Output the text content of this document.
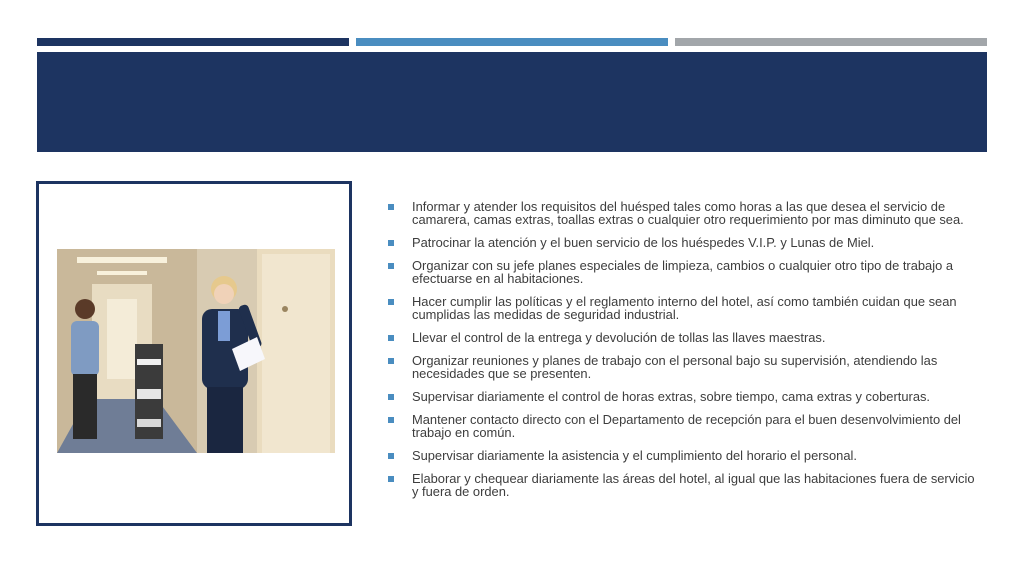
Informar y atender los requisitos del huésped tales como horas a las que desea el servicio de camarera, camas extras, toallas extras o cualquier otro requerimiento por mas diminuto que sea.
Patrocinar la atención y el buen servicio de los huéspedes V.I.P. y Lunas de Miel.
Organizar con su jefe planes especiales de limpieza, cambios o cualquier otro tipo de trabajo a efectuarse en al habitaciones.
Hacer cumplir las políticas y el reglamento interno del hotel, así como también cuidan que sean cumplidas las medidas de seguridad industrial.
Llevar el control de la entrega y devolución de tollas las llaves maestras.
Organizar reuniones y planes de trabajo con el personal bajo su supervisión, atendiendo las necesidades que se presenten.
Supervisar diariamente el control de horas extras, sobre tiempo, cama extras y coberturas.
Mantener contacto directo con el Departamento de recepción para el buen desenvolvimiento del trabajo en común.
Supervisar diariamente la asistencia y el cumplimiento del horario el personal.
Elaborar y chequear diariamente las áreas del hotel, al igual que las habitaciones fuera de servicio y fuera de orden.
